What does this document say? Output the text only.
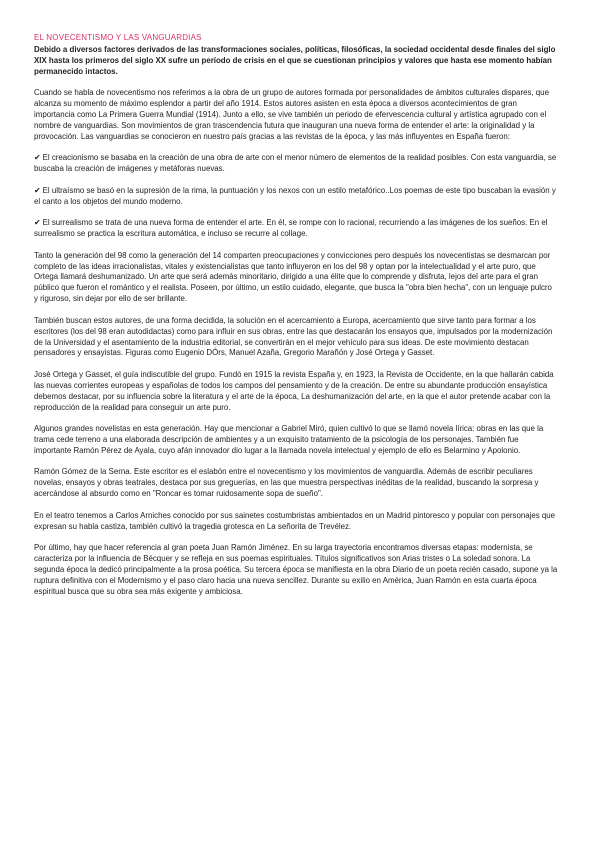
EL NOVECENTISMO Y LAS VANGUARDIAS
Debido a diversos factores derivados de las transformaciones sociales, políticas, filosóficas, la sociedad occidental desde finales del siglo XIX hasta los primeros del siglo XX sufre un período de crisis en el que se cuestionan principios y valores que hasta ese momento habían permanecido intactos.
Cuando se habla de novecentismo nos referimos a la obra de un grupo de autores formada por personalidades de ámbitos culturales dispares, que alcanza su momento de máximo esplendor a partir del año 1914. Estos autores asisten en esta época a diversos acontecimientos de gran importancia como La Primera Guerra Mundial (1914). Junto a ello, se vive también un periodo de efervescencia cultural y artística agrupado con el nombre de vanguardias. Son movimientos de gran trascendencia futura que inauguran una nueva forma de entender el arte: la originalidad y la provocación. Las vanguardias se conocieron en nuestro país gracias a las revistas de la época, y las más influyentes en España fueron:
✔ El creacionismo se basaba en la creación de una obra de arte con el menor número de elementos de la realidad posibles. Con esta vanguardia, se buscaba la creación de imágenes y metáforas nuevas.
✔ El ultraísmo se basó en la supresión de la rima, la puntuación y los nexos con un estilo metafórico..Los poemas de este tipo buscaban la evasión y el canto a los objetos del mundo moderno.
✔ El surrealismo se trata de una nueva forma de entender el arte. En él, se rompe con lo racional, recurriendo a las imágenes de los sueños. En el surrealismo se practica la escritura automática, e incluso se recurre al collage.
Tanto la generación del 98 como la generación del 14 comparten preocupaciones y convicciones pero después los novecentistas se desmarcan por completo de las ideas irracionalistas, vitales y existencialistas que tanto influyeron en los del 98 y optan por la intelectualidad y el arte puro, que Ortega llamará deshumanizado. Un arte que será además minoritario, dirigido a una élite que lo comprende y disfruta, lejos del arte para el gran público que fueron el romántico y el realista. Poseen, por último, un estilo cuidado, elegante, que busca la "obra bien hecha", con un lenguaje pulcro y riguroso, sin dejar por ello de ser brillante.
También buscan estos autores, de una forma decidida, la solución en el acercamiento a Europa, acercamiento que sirve tanto para formar a los escritores (los del 98 eran autodidactas) como para influir en sus obras, entre las que destacarán los ensayos que, impulsados por la modernización de la Universidad y el asentamiento de la industria editorial, se convertirán en el mejor vehículo para sus ideas. De este movimiento destacan pensadores y ensayistas. Figuras como Eugenio DÓrs, Manuel Azaña, Gregorio Marañón y José Ortega y Gasset.
José Ortega y Gasset, el guía indiscutible del grupo. Fundó en 1915 la revista España y, en 1923, la Revista de Occidente, en la que hallarán cabida las nuevas corrientes europeas y españolas de todos los campos del pensamiento y de la creación. De entre su abundante producción ensayística debemos destacar, por su influencia sobre la literatura y el arte de la época, La deshumanización del arte, en la que el autor pretende acabar con la reproducción de la realidad para conseguir un arte puro.
Algunos grandes novelistas en esta generación. Hay que mencionar a Gabriel Miró, quien cultivó lo que se llamó novela lírica: obras en las que la trama cede terreno a una elaborada descripción de ambientes y a un exquisito tratamiento de la psicología de los personajes. También fue importante Ramón Pérez de Ayala, cuyo afán innovador dio lugar a la llamada novela intelectual y ejemplo de ello es Belarmino y Apolonio.
Ramón Gómez de la Serna. Este escritor es el eslabón entre el novecentismo y los movimientos de vanguardia. Además de escribir peculiares novelas, ensayos y obras teatrales, destaca por sus greguerías, en las que muestra perspectivas inéditas de la realidad, buscando la sorpresa y acercándose al absurdo como en "Roncar es tomar ruidosamente sopa de sueño".
En el teatro tenemos a Carlos Arniches conocido por sus sainetes costumbristas ambientados en un Madrid pintoresco y popular con personajes que expresan su habla castiza, también cultivó la tragedia grotesca en La señorita de Trevélez.
Por último, hay que hacer referencia al gran poeta Juan Ramón Jiménez. En su larga trayectoria encontramos diversas etapas: modernista, se caracteriza por la influencia de Bécquer y se refleja en sus poemas espirituales. Títulos significativos son Arias tristes o La soledad sonora. La segunda época la dedicó principalmente a la prosa poética. Su tercera época se manifiesta en la obra Diario de un poeta recién casado, supone ya la ruptura definitiva con el Modernismo y el paso claro hacia una nueva sencillez. Durante su exilio en América, Juan Ramón en esta cuarta época espiritual busca que su obra sea más exigente y ambiciosa.
